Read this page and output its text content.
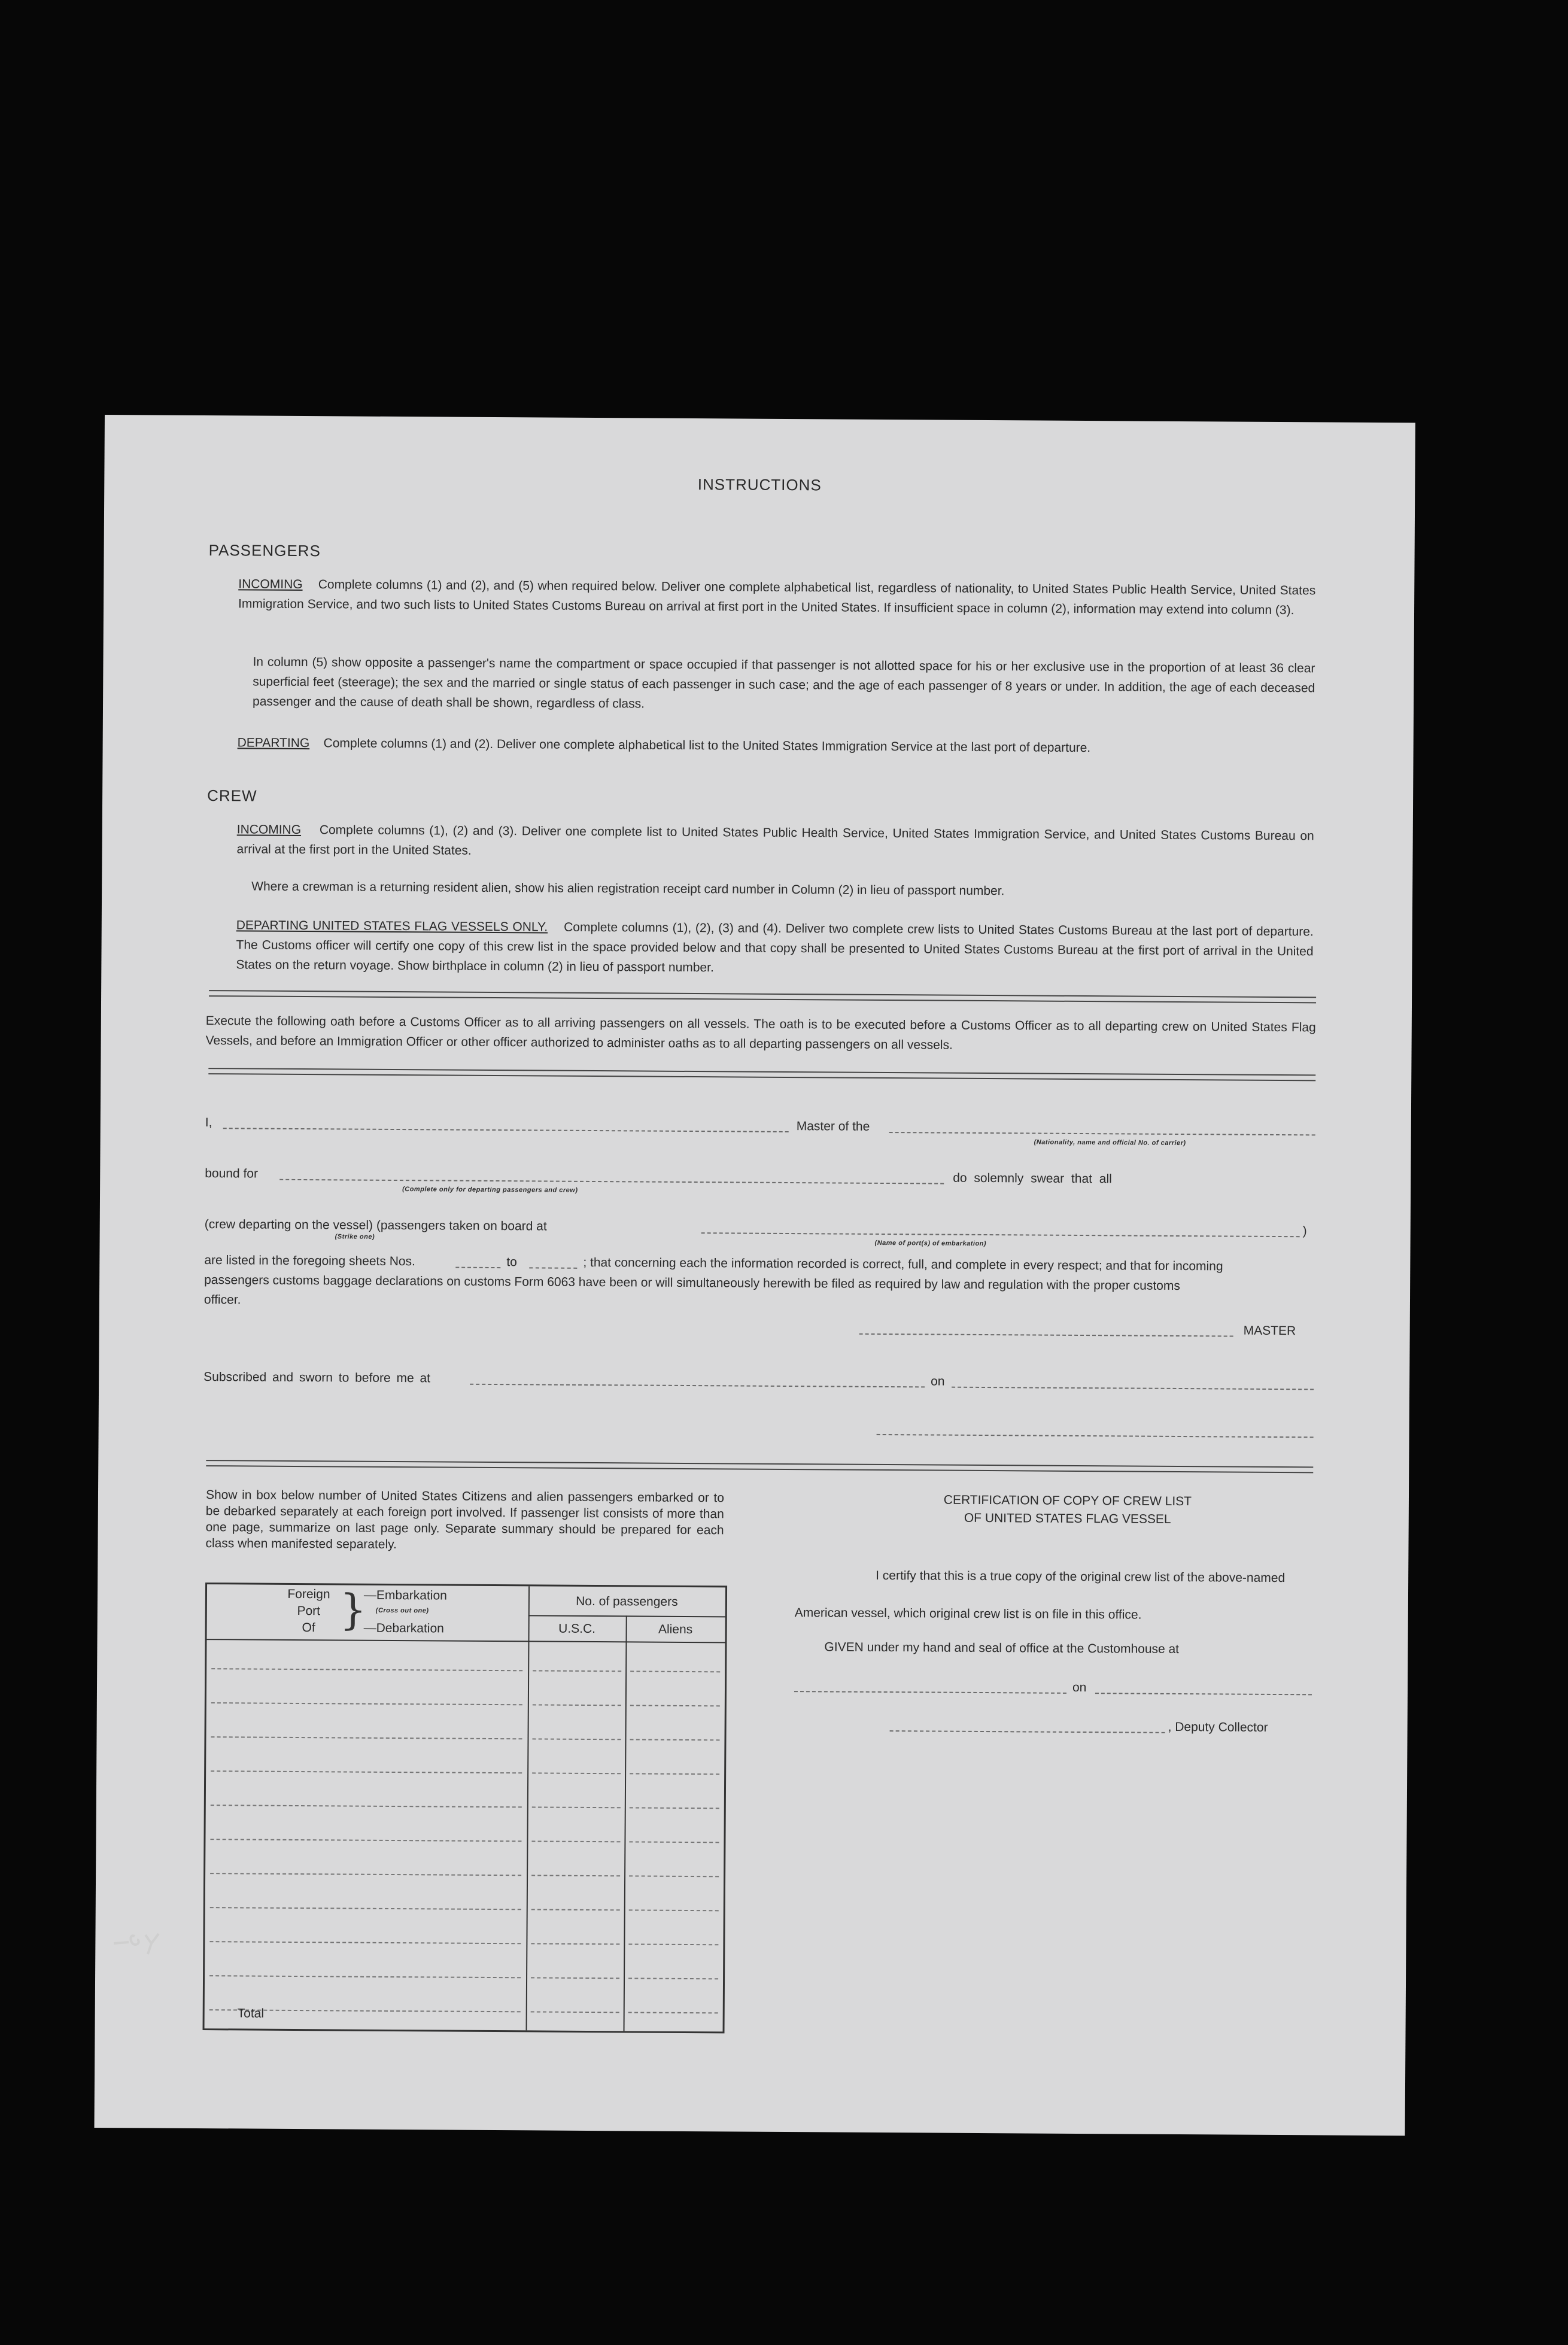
INSTRUCTIONS
PASSENGERS
INCOMING Complete columns (1) and (2), and (5) when required below. Deliver one complete alphabetical list, regardless of nationality, to United States Public Health Service, United States Immigration Service, and two such lists to United States Customs Bureau on arrival at first port in the United States. If insufficient space in column (2), information may extend into column (3).
In column (5) show opposite a passenger's name the compartment or space occupied if that passenger is not allotted space for his or her exclusive use in the proportion of at least 36 clear superficial feet (steerage); the sex and the married or single status of each passenger in such case; and the age of each passenger of 8 years or under. In addition, the age of each deceased passenger and the cause of death shall be shown, regardless of class.
DEPARTING Complete columns (1) and (2). Deliver one complete alphabetical list to the United States Immigration Service at the last port of departure.
CREW
INCOMING Complete columns (1), (2) and (3). Deliver one complete list to United States Public Health Service, United States Immigration Service, and United States Customs Bureau on arrival at the first port in the United States.
Where a crewman is a returning resident alien, show his alien registration receipt card number in Column (2) in lieu of passport number.
DEPARTING UNITED STATES FLAG VESSELS ONLY. Complete columns (1), (2), (3) and (4). Deliver two complete crew lists to United States Customs Bureau at the last port of departure. The Customs officer will certify one copy of this crew list in the space provided below and that copy shall be presented to United States Customs Bureau at the first port of arrival in the United States on the return voyage. Show birthplace in column (2) in lieu of passport number.
Execute the following oath before a Customs Officer as to all arriving passengers on all vessels. The oath is to be executed before a Customs Officer as to all departing crew on United States Flag Vessels, and before an Immigration Officer or other officer authorized to administer oaths as to all departing passengers on all vessels.
I,	Master of the
(Nationality, name and official No. of carrier)
bound for
(Complete only for departing passengers and crew)
do solemnly swear that all
(crew departing on the vessel) (passengers taken on board at	)
(Strike one)
(Name of port(s) of embarkation)
are listed in the foregoing sheets Nos.	to	; that concerning each the information recorded is correct, full, and complete in every respect; and that for incoming
passengers customs baggage declarations on customs Form 6063 have been or will simultaneously herewith be filed as required by law and regulation with the proper customs
officer.
MASTER
Subscribed and sworn to before me at	on
Show in box below number of United States Citizens and alien passengers embarked or to be debarked separately at each foreign port involved. If passenger list consists of more than one page, summarize on last page only. Separate summary should be prepared for each class when manifested separately.
Foreign
Port
Of }
—Embarkation
(Cross out one)
—Debarkation
No. of passengers
U.S.C.	Aliens
Total
CERTIFICATION OF COPY OF CREW LIST
OF UNITED STATES FLAG VESSEL
I certify that this is a true copy of the original crew list of the above-named
American vessel, which original crew list is on file in this office.
GIVEN under my hand and seal of office at the Customhouse at
on
, Deputy Collector
